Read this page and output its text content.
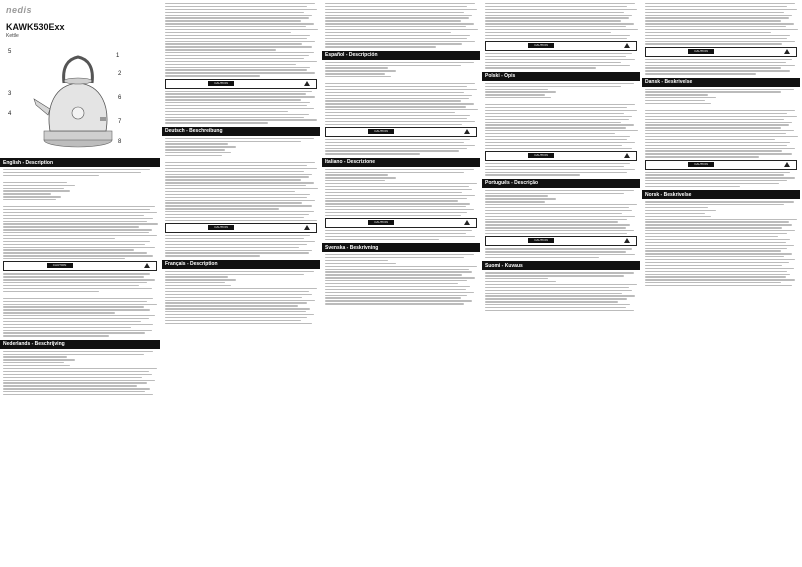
nedis
KAWK530Exx
Kettle
1
2
3
4
5
6
7
8
English - Description
CAUTION
Nederlands - Beschrijving
CAUTION
Deutsch - Beschreibung
CAUTION
Français - Description
Español - Descripción
CAUTION
Italiano - Descrizione
CAUTION
Svenska - Beskrivning
CAUTION
Polski - Opis
CAUTION
Português - Descrição
CAUTION
Suomi - Kuvaus
CAUTION
Dansk - Beskrivelse
CAUTION
Norsk - Beskrivelse
